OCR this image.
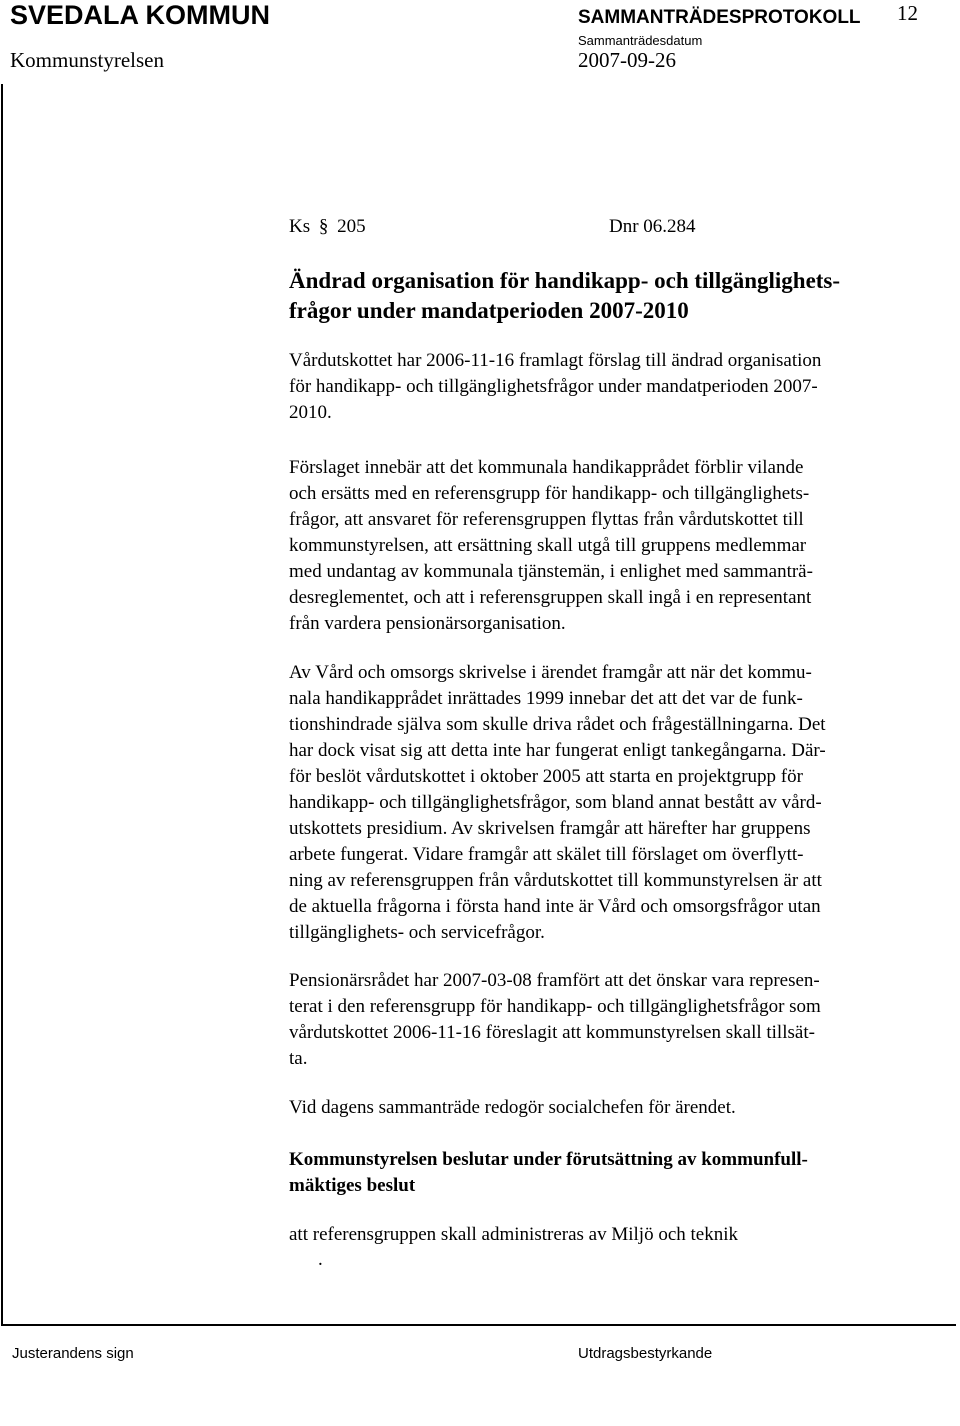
SVEDALA KOMMUN	SAMMANTRÄDESPROTOKOLL 12
Kommunstyrelsen
Sammanträdesdatum
2007-09-26
Ks § 205	Dnr 06.284
Ändrad organisation för handikapp- och tillgänglighets-
frågor under mandatperioden 2007-2010
Vårdutskottet har 2006-11-16 framlagt förslag till ändrad organisation
för handikapp- och tillgänglighetsfrågor under mandatperioden 2007-
2010.
Förslaget innebär att det kommunala handikapprådet förblir vilande
och ersätts med en referensgrupp för handikapp- och tillgänglighets-
frågor, att ansvaret för referensgruppen flyttas från vårdutskottet till
kommunstyrelsen, att ersättning skall utgå till gruppens medlemmar
med undantag av kommunala tjänstemän, i enlighet med sammanträ-
desreglementet, och att i referensgruppen skall ingå i en representant
från vardera pensionärsorganisation.
Av Vård och omsorgs skrivelse i ärendet framgår att när det kommu-
nala handikapprådet inrättades 1999 innebar det att det var de funk-
tionshindrade själva som skulle driva rådet och frågeställningarna. Det
har dock visat sig att detta inte har fungerat enligt tankegångarna. Där-
för beslöt vårdutskottet i oktober 2005 att starta en projektgrupp för
handikapp- och tillgänglighetsfrågor, som bland annat bestått av vård-
utskottets presidium. Av skrivelsen framgår att härefter har gruppens
arbete fungerat. Vidare framgår att skälet till förslaget om överflytt-
ning av referensgruppen från vårdutskottet till kommunstyrelsen är att
de aktuella frågorna i första hand inte är Vård och omsorgsfrågor utan
tillgänglighets- och servicefrågor.
Pensionärsrådet har 2007-03-08 framfört att det önskar vara represen-
terat i den referensgrupp för handikapp- och tillgänglighetsfrågor som
vårdutskottet 2006-11-16 föreslagit att kommunstyrelsen skall tillsät-
ta.
Vid dagens sammanträde redogör socialchefen för ärendet.
Kommunstyrelsen beslutar under förutsättning av kommunfull-
mäktiges beslut
att referensgruppen skall administreras av Miljö och teknik
.
Justerandens sign	Utdragsbestyrkande
